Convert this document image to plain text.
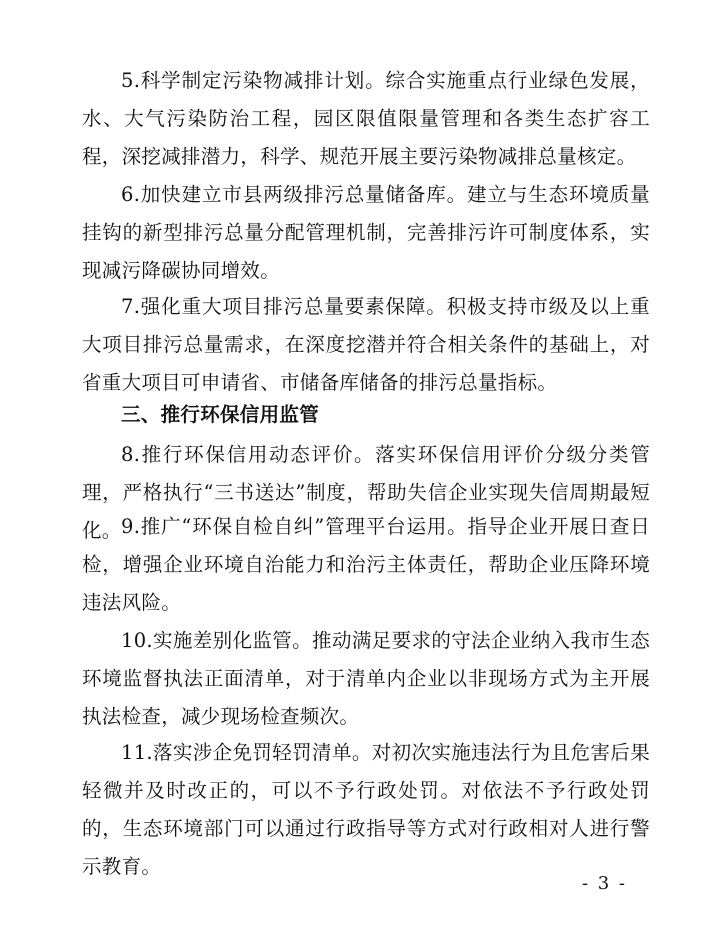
5.科学制定污染物减排计划。综合实施重点行业绿色发展，水、大气污染防治工程，园区限值限量管理和各类生态扩容工程，深挖减排潜力，科学、规范开展主要污染物减排总量核定。

6.加快建立市县两级排污总量储备库。建立与生态环境质量挂钩的新型排污总量分配管理机制，完善排污许可制度体系，实现减污降碳协同增效。

7.强化重大项目排污总量要素保障。积极支持市级及以上重大项目排污总量需求，在深度挖潜并符合相关条件的基础上，对省重大项目可申请省、市储备库储备的排污总量指标。

三、推行环保信用监管

8.推行环保信用动态评价。落实环保信用评价分级分类管理，严格执行“三书送达”制度，帮助失信企业实现失信周期最短化。 9.推广“环保自检自纠”管理平台运用。指导企业开展日查日检，增强企业环境自治能力和治污主体责任，帮助企业压降环境违法风险。

10.实施差别化监管。推动满足要求的守法企业纳入我市生态环境监督执法正面清单，对于清单内企业以非现场方式为主开展执法检查，减少现场检查频次。

11.落实涉企免罚轻罚清单。对初次实施违法行为且危害后果轻微并及时改正的，可以不予行政处罚。对依法不予行政处罚的，生态环境部门可以通过行政指导等方式对行政相对人进行警示教育。

- 3 -
